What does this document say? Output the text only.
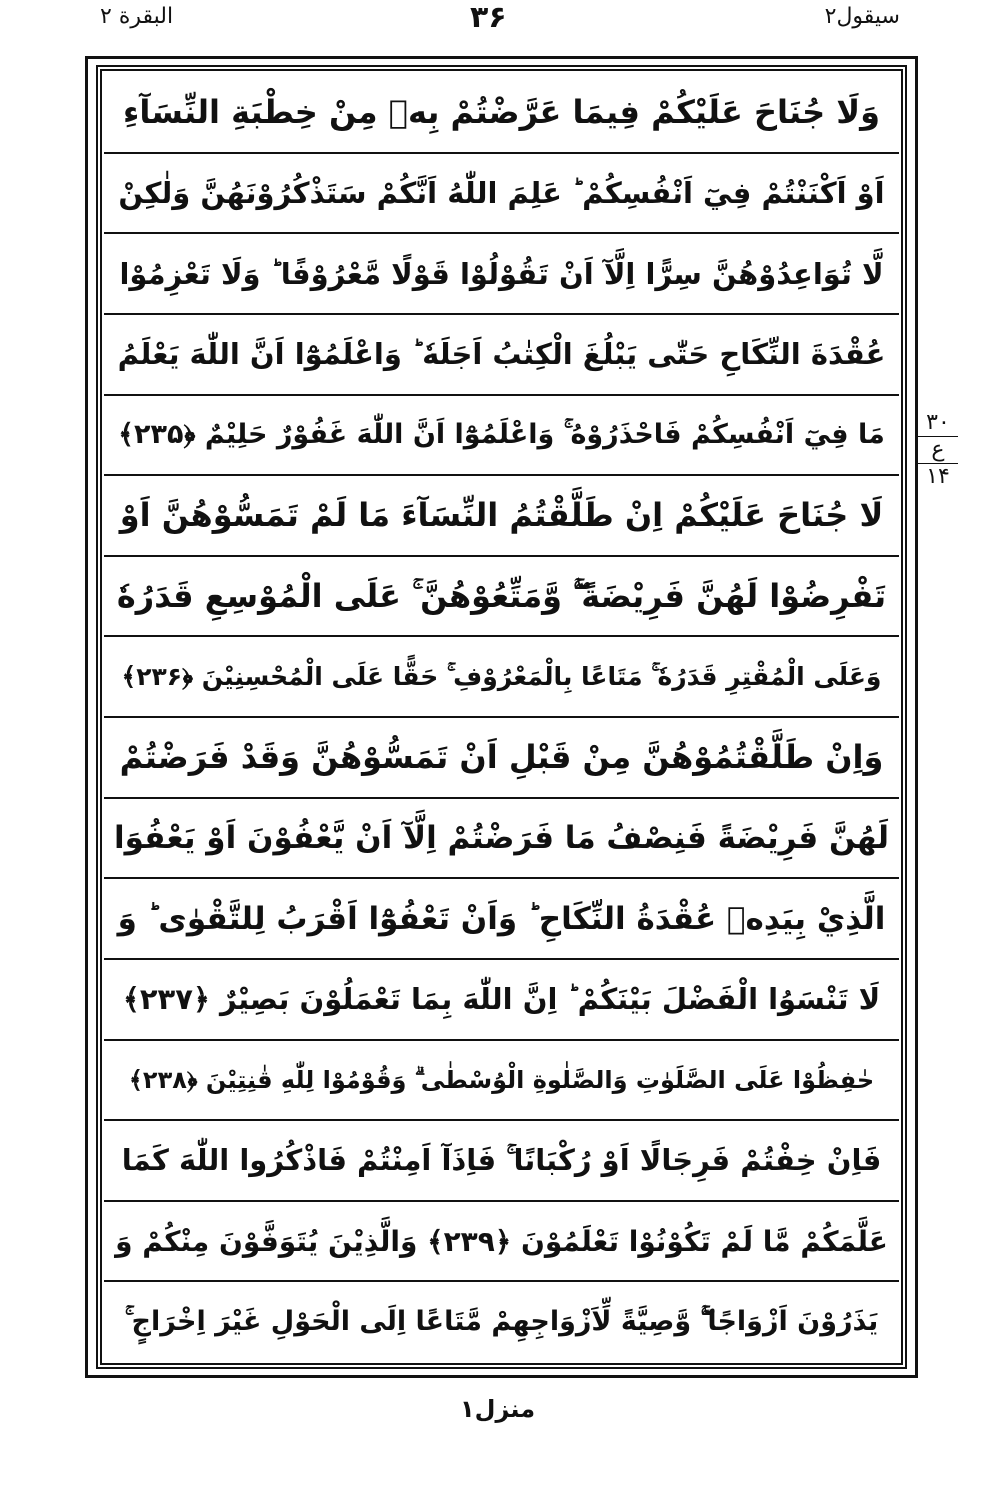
البقرة ۲	۳۶	سیقول۲
وَلَا جُنَاحَ عَلَيْكُمْ فِيمَا عَرَّضْتُمْ بِهٖ مِنْ خِطْبَةِ النِّسَآءِ
اَوْ اَكْنَنْتُمْ فِيٓ اَنْفُسِكُمْ ؕ عَلِمَ اللّٰهُ اَنَّكُمْ سَتَذْكُرُوْنَهُنَّ وَلٰكِنْ
لَّا تُوَاعِدُوْهُنَّ سِرًّا اِلَّآ اَنْ تَقُوْلُوْا قَوْلًا مَّعْرُوْفًا ؕ وَلَا تَعْزِمُوْا
عُقْدَةَ النِّكَاحِ حَتّٰى يَبْلُغَ الْكِتٰبُ اَجَلَهٗ ؕ وَاعْلَمُوْٓا اَنَّ اللّٰهَ يَعْلَمُ
مَا فِيٓ اَنْفُسِكُمْ فَاحْذَرُوْهُ ۚ وَاعْلَمُوْٓا اَنَّ اللّٰهَ غَفُوْرٌ حَلِيْمٌ ﴿۲۳۵﴾
لَا جُنَاحَ عَلَيْكُمْ اِنْ طَلَّقْتُمُ النِّسَآءَ مَا لَمْ تَمَسُّوْهُنَّ اَوْ
تَفْرِضُوْا لَهُنَّ فَرِيْضَةً ۚۖ وَّمَتِّعُوْهُنَّ ۚ عَلَى الْمُوْسِعِ قَدَرُهٗ
وَعَلَى الْمُقْتِرِ قَدَرُهٗ ۚ مَتَاعًا بِالْمَعْرُوْفِ ۚ حَقًّا عَلَى الْمُحْسِنِيْنَ ﴿۲۳۶﴾
وَاِنْ طَلَّقْتُمُوْهُنَّ مِنْ قَبْلِ اَنْ تَمَسُّوْهُنَّ وَقَدْ فَرَضْتُمْ
لَهُنَّ فَرِيْضَةً فَنِصْفُ مَا فَرَضْتُمْ اِلَّآ اَنْ يَّعْفُوْنَ اَوْ يَعْفُوَا
الَّذِيْ بِيَدِهٖ عُقْدَةُ النِّكَاحِ ؕ وَاَنْ تَعْفُوْٓا اَقْرَبُ لِلتَّقْوٰى ؕ وَ
لَا تَنْسَوُا الْفَضْلَ بَيْنَكُمْ ؕ اِنَّ اللّٰهَ بِمَا تَعْمَلُوْنَ بَصِيْرٌ ﴿۲۳۷﴾
حٰفِظُوْا عَلَى الصَّلَوٰتِ وَالصَّلٰوةِ الْوُسْطٰى ۗ وَقُوْمُوْا لِلّٰهِ قٰنِتِيْنَ ﴿۲۳۸﴾
فَاِنْ خِفْتُمْ فَرِجَالًا اَوْ رُكْبَانًا ۚ فَاِذَآ اَمِنْتُمْ فَاذْكُرُوا اللّٰهَ كَمَا
عَلَّمَكُمْ مَّا لَمْ تَكُوْنُوْا تَعْلَمُوْنَ ﴿۲۳۹﴾ وَالَّذِيْنَ يُتَوَفَّوْنَ مِنْكُمْ وَ
يَذَرُوْنَ اَزْوَاجًا ۚۖ وَّصِيَّةً لِّاَزْوَاجِهِمْ مَّتَاعًا اِلَى الْحَوْلِ غَيْرَ اِخْرَاجٍ ۚ
۳۰
ع
۱۴
منزل۱
